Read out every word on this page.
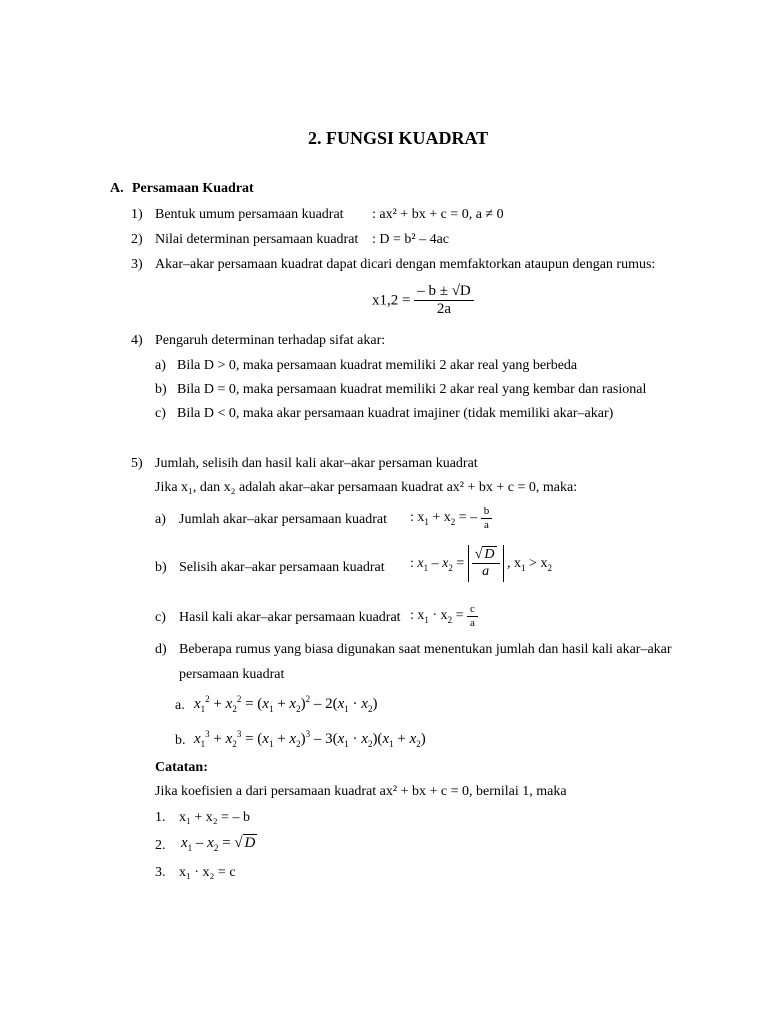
2. FUNGSI KUADRAT
A. Persamaan Kuadrat
1) Bentuk umum persamaan kuadrat : ax² + bx + c = 0, a ≠ 0
2) Nilai determinan persamaan kuadrat : D = b² – 4ac
3) Akar–akar persamaan kuadrat dapat dicari dengan memfaktorkan ataupun dengan rumus:
$x1,2 = \frac{- b \pm √D}{2a}$
4) Pengaruh determinan terhadap sifat akar:
a) Bila D > 0, maka persamaan kuadrat memiliki 2 akar real yang berbeda
b) Bila D = 0, maka persamaan kuadrat memiliki 2 akar real yang kembar dan rasional
c) Bila D < 0, maka akar persamaan kuadrat imajiner (tidak memiliki akar–akar)
5) Jumlah, selisih dan hasil kali akar–akar persaman kuadrat
Jika x₁, dan x₂ adalah akar–akar persamaan kuadrat ax² + bx + c = 0, maka:
a) Jumlah akar–akar persamaan kuadrat : $x_1 + x_2$ = – $\frac{b}{a}$
b) Selisih akar–akar persamaan kuadrat : $x_1 - x_2 = \frac{√ D}{a}$ , $x_1 > x_2$
c) Hasil kali akar–akar persamaan kuadrat : $x_1 \cdot x_2 = \frac{c}{a}$
d) Beberapa rumus yang biasa digunakan saat menentukan jumlah dan hasil kali akar–akar
persamaan kuadrat
a. $x_1^2 + x_2^2 = (x_1 + x_2)^2 - 2(x_1 \cdot x_2)$
b. $x_1^3 + x_2^3 = (x_1 + x_2)^3 - 3(x_1 \cdot x_2)(x_1 + x_2)$
Catatan:
Jika koefisien a dari persamaan kuadrat ax² + bx + c = 0, bernilai 1, maka
1. x₁ + x₂ = – b
2. $x_1 - x_2$ = √ D
3. x₁ · x₂ = c
